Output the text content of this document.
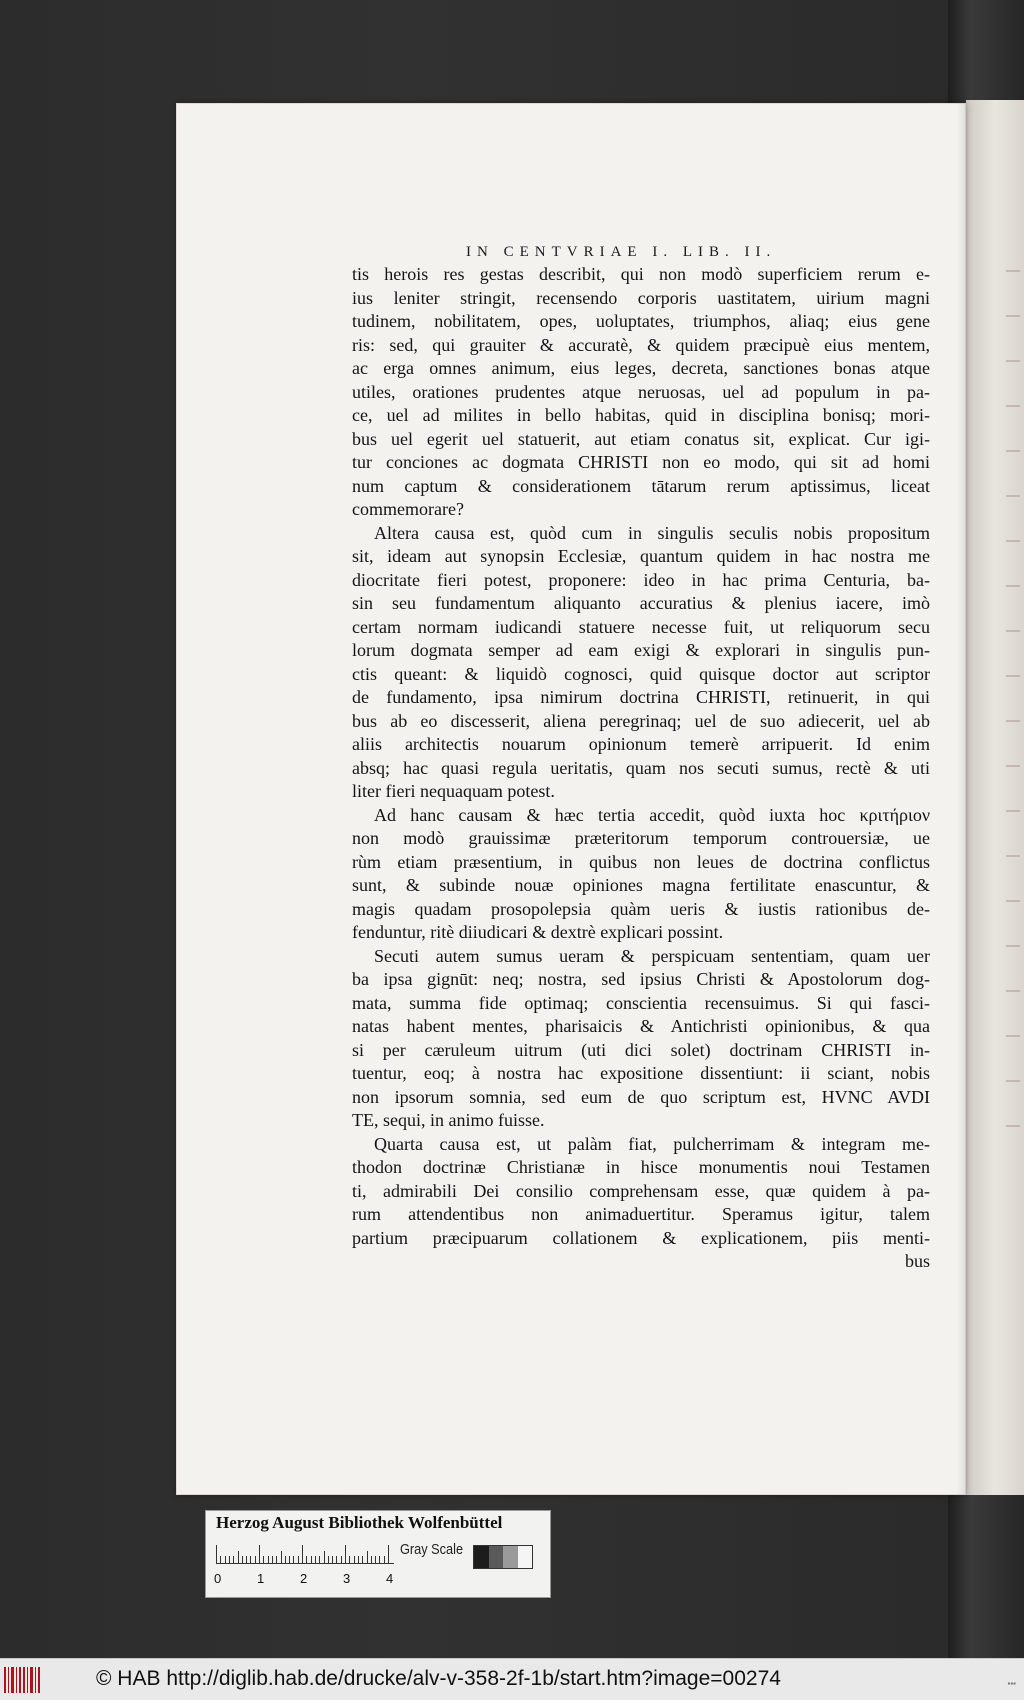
IN CENTVRIAE I. LIB. II.
tis herois res gestas describit, qui non modò superficiem rerum e-
ius leniter stringit, recensendo corporis uastitatem, uirium magni
tudinem, nobilitatem, opes, uoluptates, triumphos, aliaq; eius gene
ris: sed, qui grauiter & accuratè, & quidem præcipuè eius mentem,
ac erga omnes animum, eius leges, decreta, sanctiones bonas atque
utiles, orationes prudentes atque neruosas, uel ad populum in pa-
ce, uel ad milites in bello habitas, quid in disciplina bonisq; mori-
bus uel egerit uel statuerit, aut etiam conatus sit, explicat. Cur igi-
tur conciones ac dogmata CHRISTI non eo modo, qui sit ad homi
num captum & considerationem tātarum rerum aptissimus, liceat
commemorare?
Altera causa est, quòd cum in singulis seculis nobis propositum
sit, ideam aut synopsin Ecclesiæ, quantum quidem in hac nostra me
diocritate fieri potest, proponere: ideo in hac prima Centuria, ba-
sin seu fundamentum aliquanto accuratius & plenius iacere, imò
certam normam iudicandi statuere necesse fuit, ut reliquorum secu
lorum dogmata semper ad eam exigi & explorari in singulis pun-
ctis queant: & liquidò cognosci, quid quisque doctor aut scriptor
de fundamento, ipsa nimirum doctrina CHRISTI, retinuerit, in qui
bus ab eo discesserit, aliena peregrinaq; uel de suo adiecerit, uel ab
aliis architectis nouarum opinionum temerè arripuerit. Id enim
absq; hac quasi regula ueritatis, quam nos secuti sumus, rectè & uti
liter fieri nequaquam potest.
Ad hanc causam & hæc tertia accedit, quòd iuxta hoc κριτήριον
non modò grauissimæ præteritorum temporum controuersiæ, ue
rùm etiam præsentium, in quibus non leues de doctrina conflictus
sunt, & subinde nouæ opiniones magna fertilitate enascuntur, &
magis quadam prosopolepsia quàm ueris & iustis rationibus de-
fenduntur, ritè diiudicari & dextrè explicari possint.
Secuti autem sumus ueram & perspicuam sententiam, quam uer
ba ipsa gignūt: neq; nostra, sed ipsius Christi & Apostolorum dog-
mata, summa fide optimaq; conscientia recensuimus. Si qui fasci-
natas habent mentes, pharisaicis & Antichristi opinionibus, & qua
si per cæruleum uitrum (uti dici solet) doctrinam CHRISTI in-
tuentur, eoq; à nostra hac expositione dissentiunt: ii sciant, nobis
non ipsorum somnia, sed eum de quo scriptum est, HVNC AVDI
TE, sequi, in animo fuisse.
Quarta causa est, ut palàm fiat, pulcherrimam & integram me-
thodon doctrinæ Christianæ in hisce monumentis noui Testamen
ti, admirabili Dei consilio comprehensam esse, quæ quidem à pa-
rum attendentibus non animaduertitur. Speramus igitur, talem
partium præcipuarum collationem & explicationem, piis menti-
bus
Herzog August Bibliothek Wolfenbüttel
0	1	2	3	4
Gray Scale
© HAB http://diglib.hab.de/drucke/alv-v-358-2f-1b/start.htm?image=00274	▪▪▪
